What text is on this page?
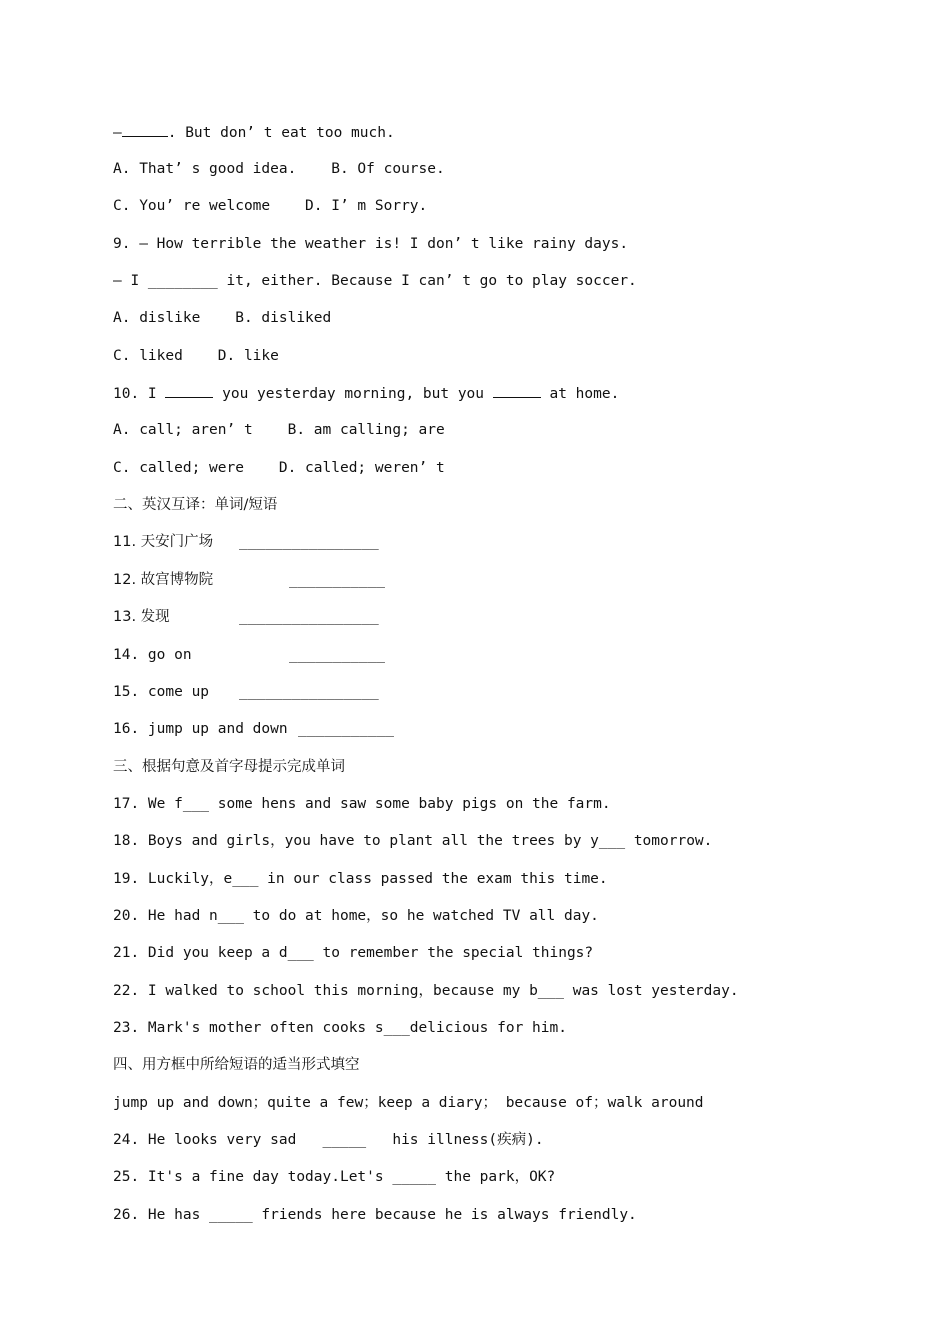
—	. But don’ t eat too much.
A. That’ s good idea.    B. Of course.
C. You’ re welcome    D. I’ m Sorry.
9. — How terrible the weather is! I don’ t like rainy days.
— I ________ it, either. Because I can’ t go to play soccer.
A. dislike    B. disliked
C. liked    D. like
10. I	you yesterday morning, but you	at home.
A. call; aren’ t    B. am calling; are
C. called; were    D. called; weren’ t
二、英汉互译：单词/短语
11. 天安门广场 ________________
12. 故宫博物院	___________
13. 发现	________________
14. go on	___________
15. come up ________________
16. jump up and down ___________
三、根据句意及首字母提示完成单词
17. We f___ some hens and saw some baby pigs on the farm.
18. Boys and girls，you have to plant all the trees by y___ tomorrow.
19. Luckily，e___ in our class passed the exam this time.
20. He had n___ to do at home，so he watched TV all day.
21. Did you keep a d___ to remember the special things?
22. I walked to school this morning，because my b___ was lost yesterday.
23. Mark's mother often cooks s___delicious for him.
四、用方框中所给短语的适当形式填空
jump up and down；quite a few；keep a diary； because of；walk around
24. He looks very sad   _____   his illness(疾病).
25. It's a fine day today.Let's _____ the park，OK?
26. He has _____ friends here because he is always friendly.
